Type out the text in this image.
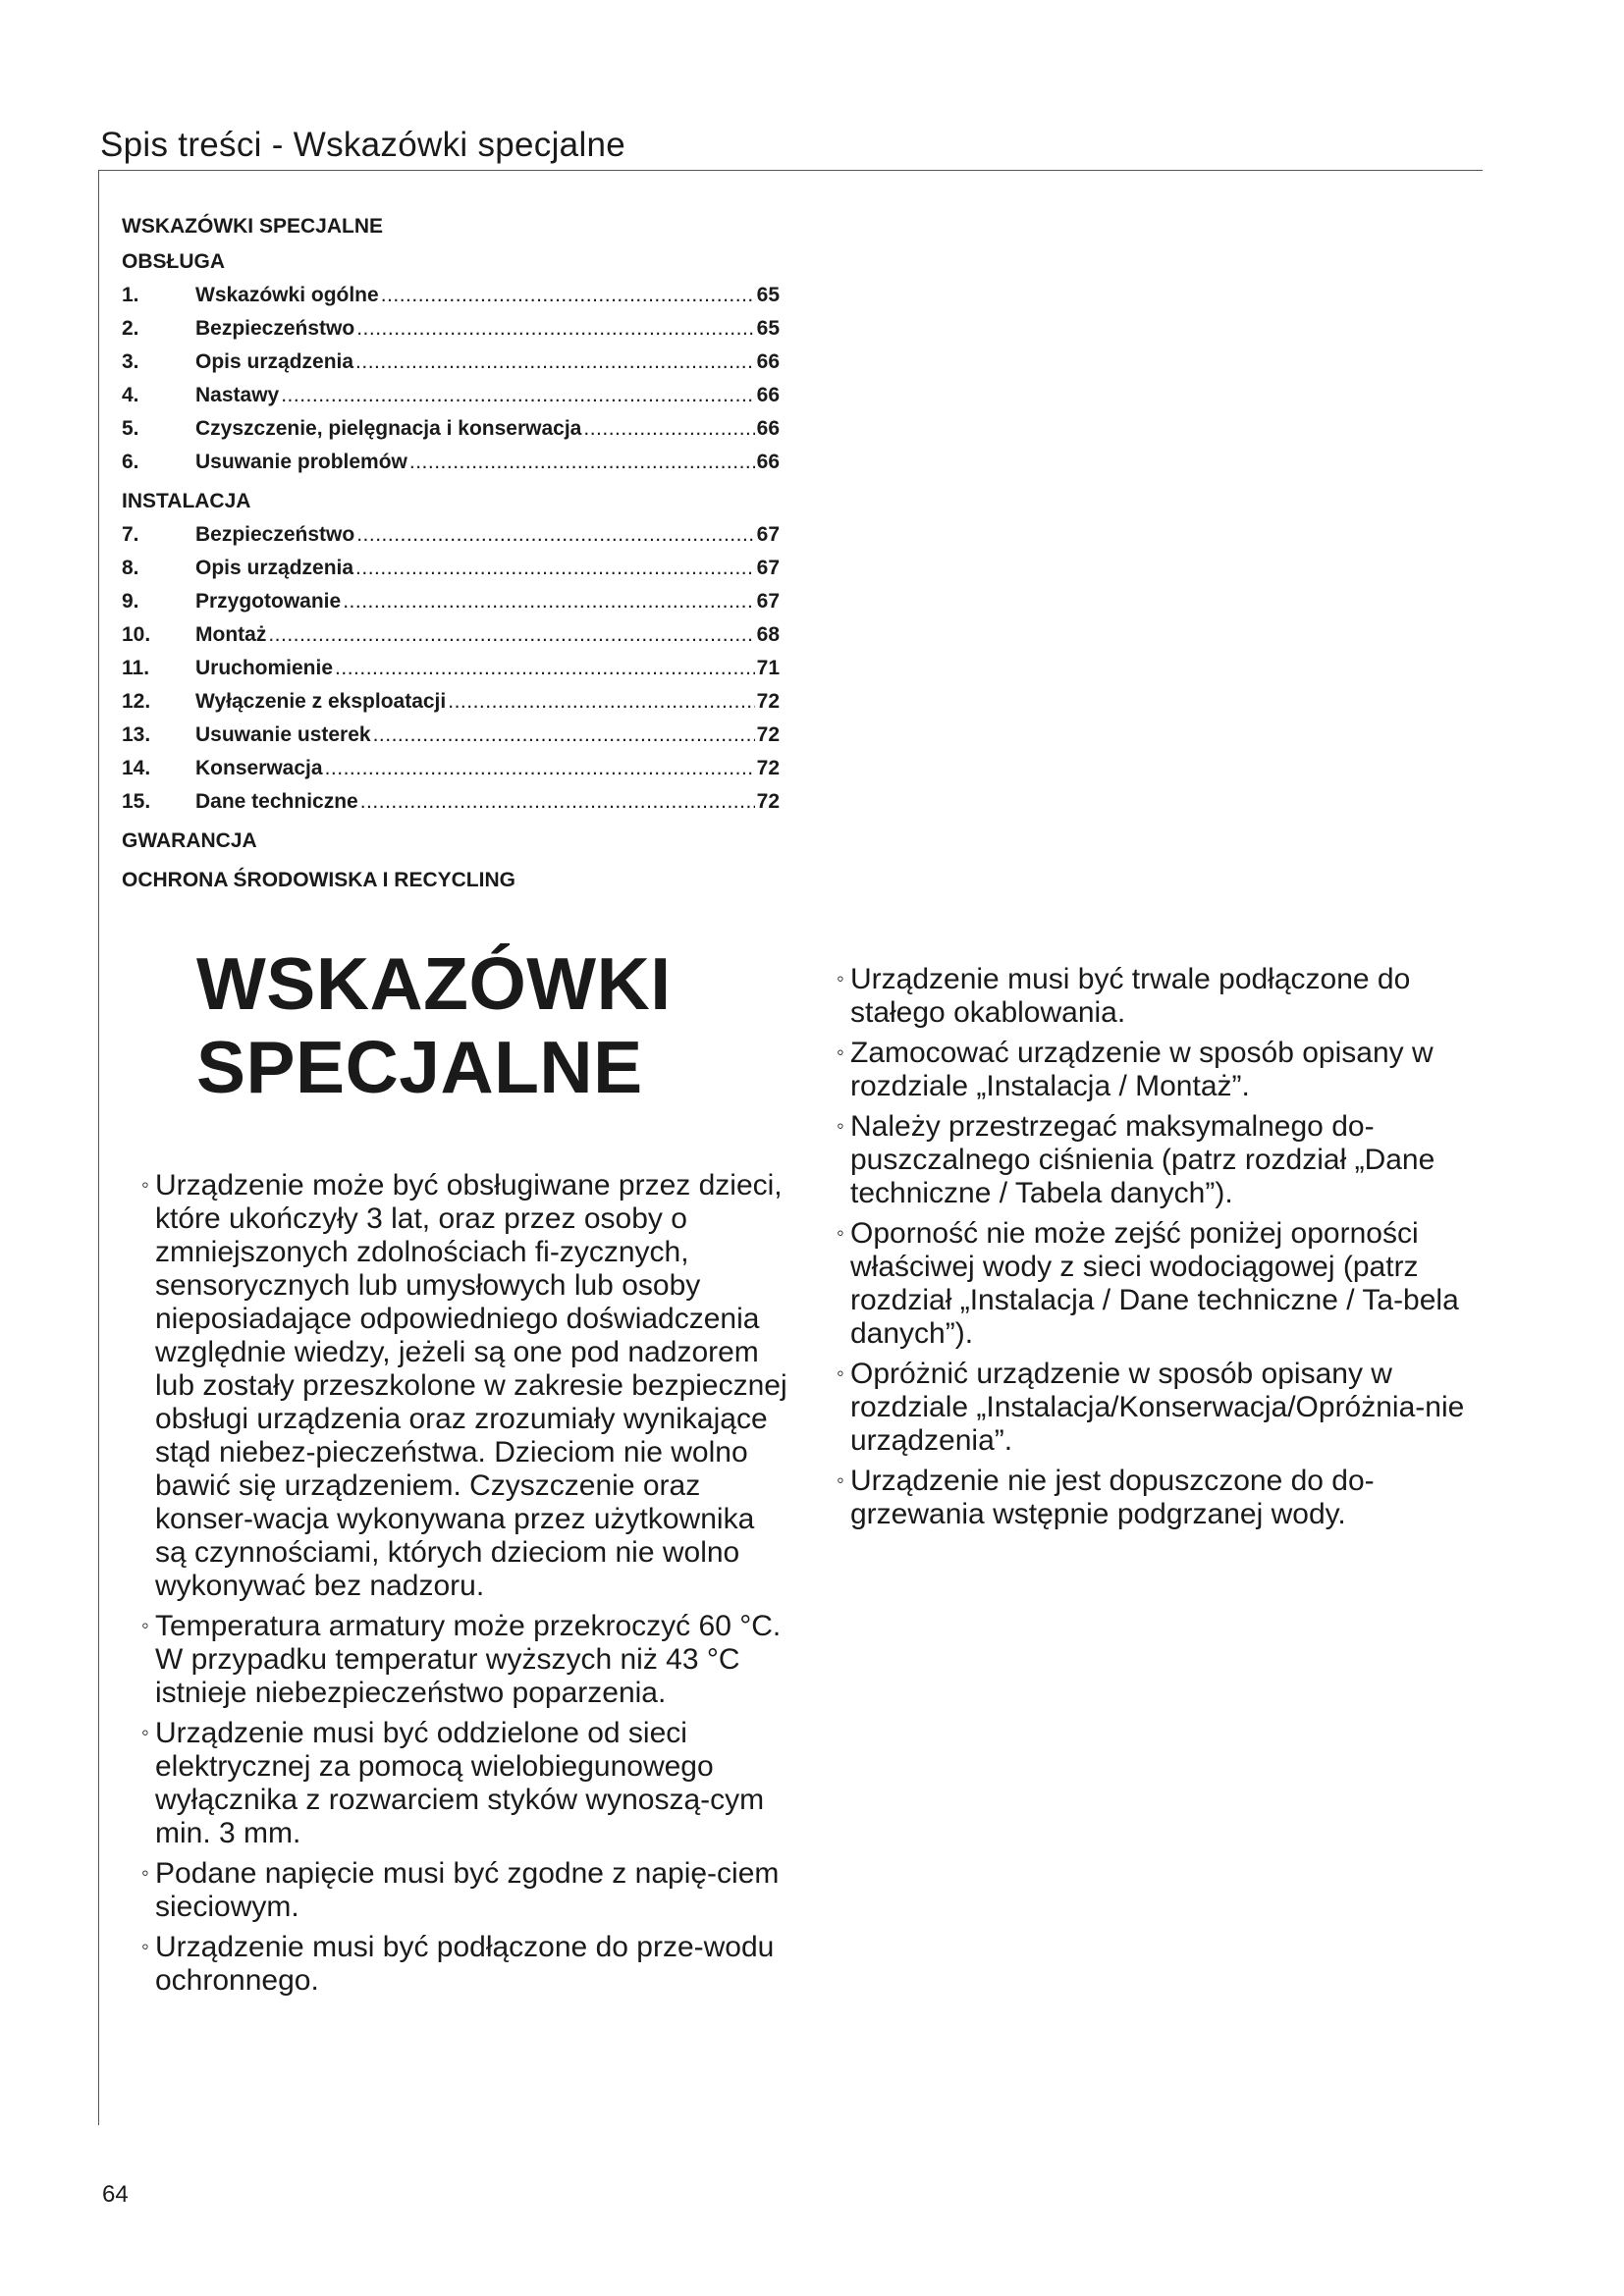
Spis treści - Wskazówki specjalne
WSKAZÓWKI SPECJALNE
OBSŁUGA
1.	Wskazówki ogólne .....	65
2.	Bezpieczeństwo .....	65
3.	Opis urządzenia .....	66
4.	Nastawy .....	66
5.	Czyszczenie, pielęgnacja i konserwacja .....	66
6.	Usuwanie problemów .....	66
INSTALACJA
7.	Bezpieczeństwo .....	67
8.	Opis urządzenia .....	67
9.	Przygotowanie .....	67
10.	Montaż .....	68
11.	Uruchomienie .....	71
12.	Wyłączenie z eksploatacji .....	72
13.	Usuwanie usterek .....	72
14.	Konserwacja .....	72
15.	Dane techniczne .....	72
GWARANCJA
OCHRONA ŚRODOWISKA I RECYCLING
WSKAZÓWKI
SPECJALNE

◦ Urządzenie może być obsługiwane przez dzieci, które ukończyły 3 lat, oraz przez osoby o zmniejszonych zdolnościach fi-zycznych, sensorycznych lub umysłowych lub osoby nieposiadające odpowiedniego doświadczenia względnie wiedzy, jeżeli są one pod nadzorem lub zostały przeszkolone w zakresie bezpiecznej obsługi urządzenia oraz zrozumiały wynikające stąd niebez-pieczeństwa. Dzieciom nie wolno bawić się urządzeniem. Czyszczenie oraz konser-wacja wykonywana przez użytkownika są czynnościami, których dzieciom nie wolno wykonywać bez nadzoru.

◦ Temperatura armatury może przekroczyć 60 °C. W przypadku temperatur wyższych niż 43 °C istnieje niebezpieczeństwo poparzenia.

◦ Urządzenie musi być oddzielone od sieci elektrycznej za pomocą wielobiegunowego wyłącznika z rozwarciem styków wynoszą-cym min. 3 mm.

◦ Podane napięcie musi być zgodne z napię-ciem sieciowym.

◦ Urządzenie musi być podłączone do prze-wodu ochronnego.

◦ Urządzenie musi być trwale podłączone do stałego okablowania.

◦ Zamocować urządzenie w sposób opisany w rozdziale „Instalacja / Montaż”.

◦ Należy przestrzegać maksymalnego do-puszczalnego ciśnienia (patrz rozdział „Dane techniczne / Tabela danych”).

◦ Oporność nie może zejść poniżej oporności właściwej wody z sieci wodociągowej (patrz rozdział „Instalacja / Dane techniczne / Ta-bela danych”).

◦ Opróżnić urządzenie w sposób opisany w rozdziale „Instalacja/Konserwacja/Opróżnia-nie urządzenia”.

◦ Urządzenie nie jest dopuszczone do do-grzewania wstępnie podgrzanej wody.

64
